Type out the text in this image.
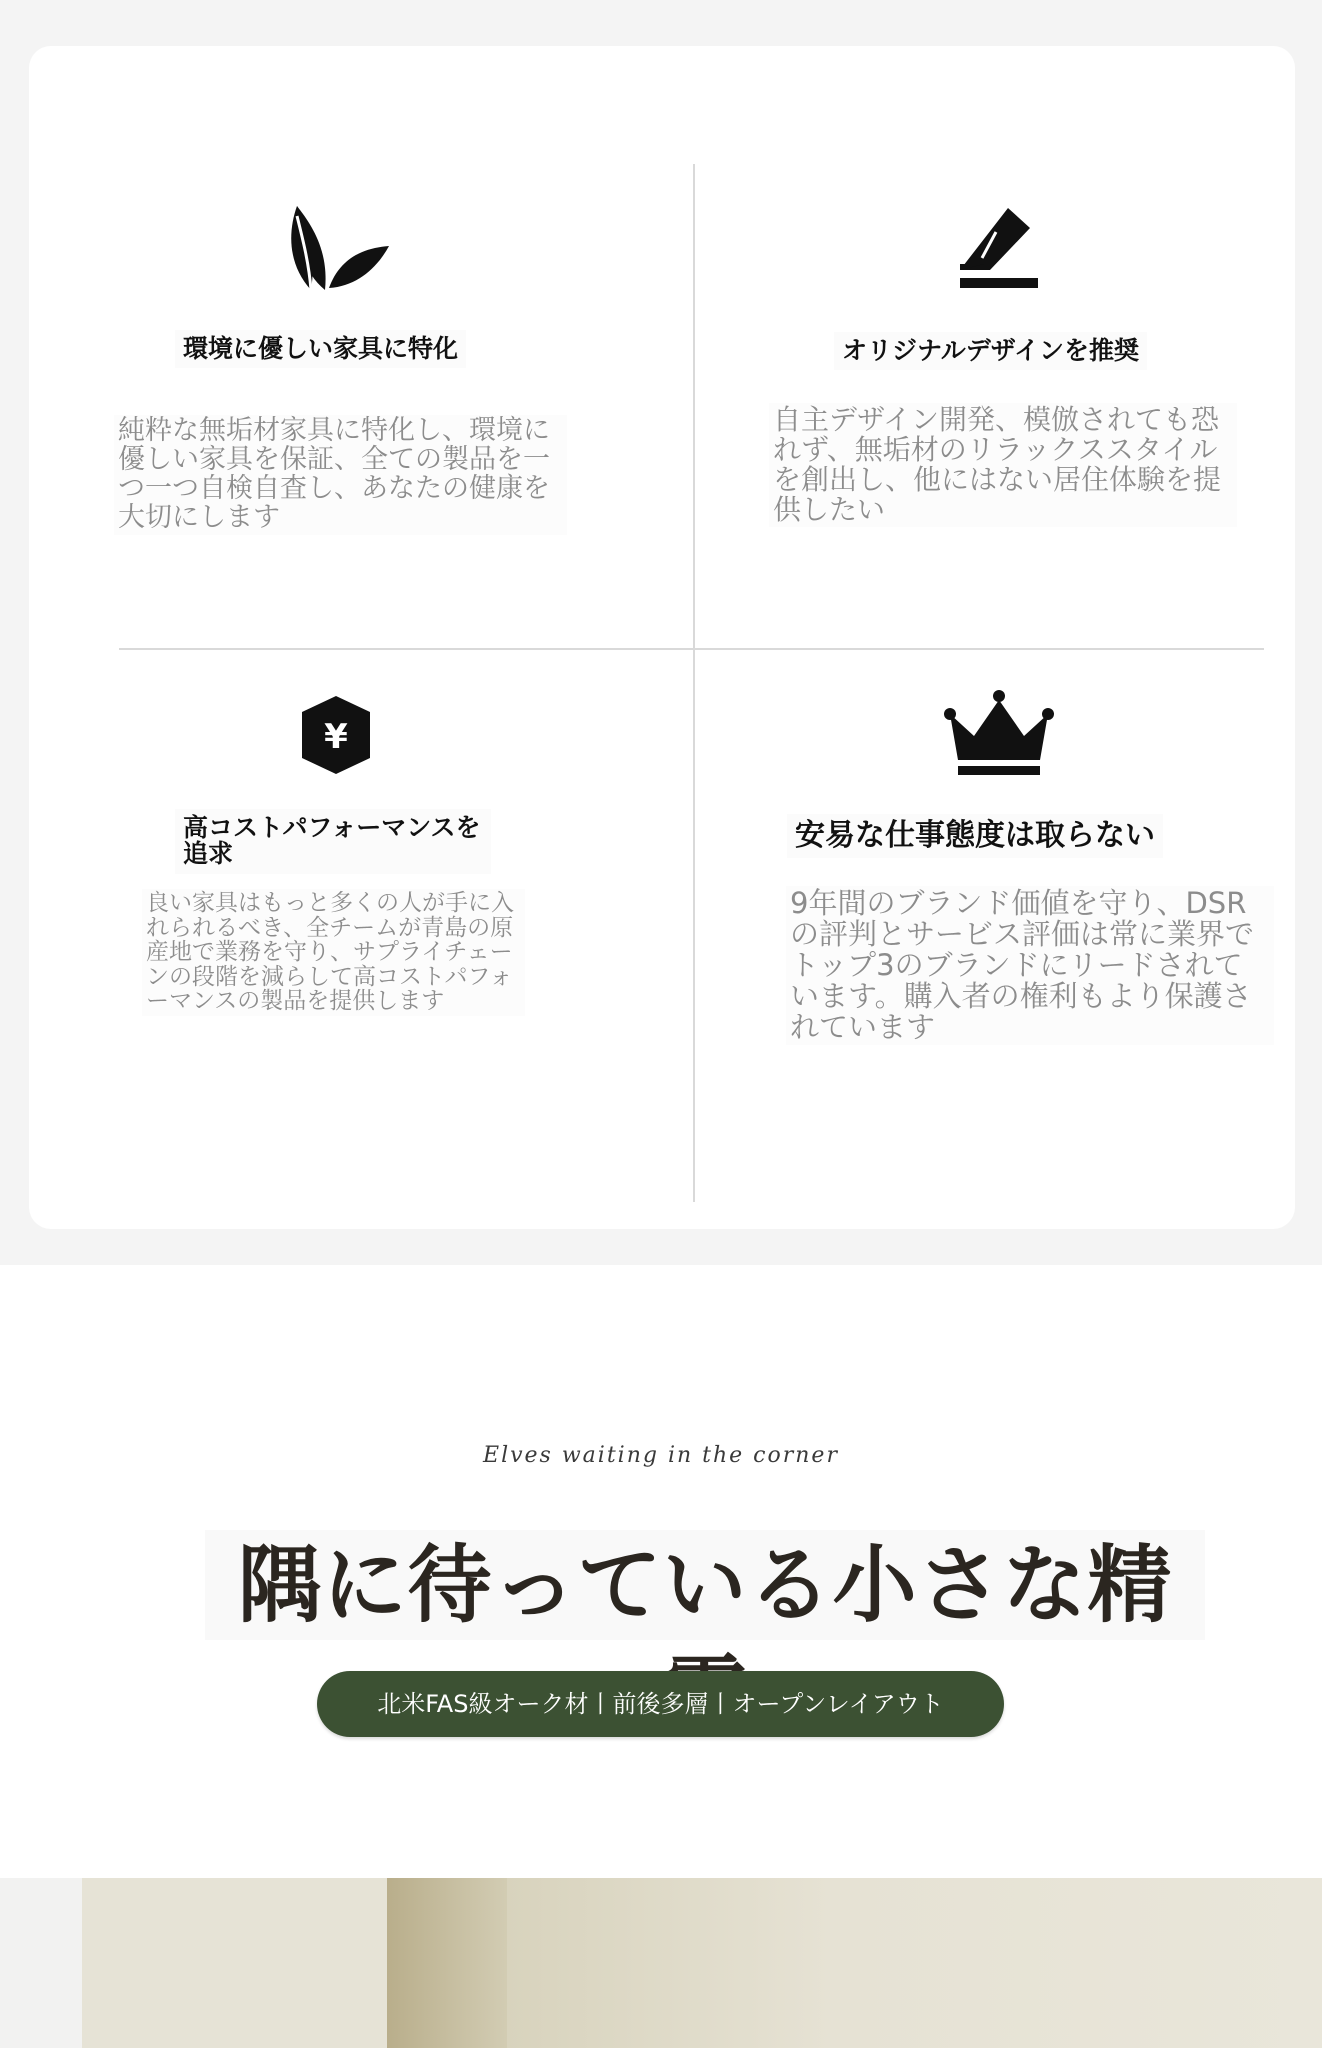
環境に優しい家具に特化
純粋な無垢材家具に特化し、環境に優しい家具を保証、全ての製品を一つ一つ自検自査し、あなたの健康を大切にします
オリジナルデザインを推奨
自主デザイン開発、模倣されても恐れず、無垢材のリラックススタイルを創出し、他にはない居住体験を提供したい
¥
高コストパフォーマンスを追求
良い家具はもっと多くの人が手に入れられるべき、全チームが青島の原産地で業務を守り、サプライチェーンの段階を減らして高コストパフォーマンスの製品を提供します
安易な仕事態度は取らない
9年間のブランド価値を守り、DSRの評判とサービス評価は常に業界でトップ3のブランドにリードされています。購入者の権利もより保護されています
Elves waiting in the corner
隅に待っている小さな精
北米FAS級オーク材丨前後多層丨オープンレイアウト
